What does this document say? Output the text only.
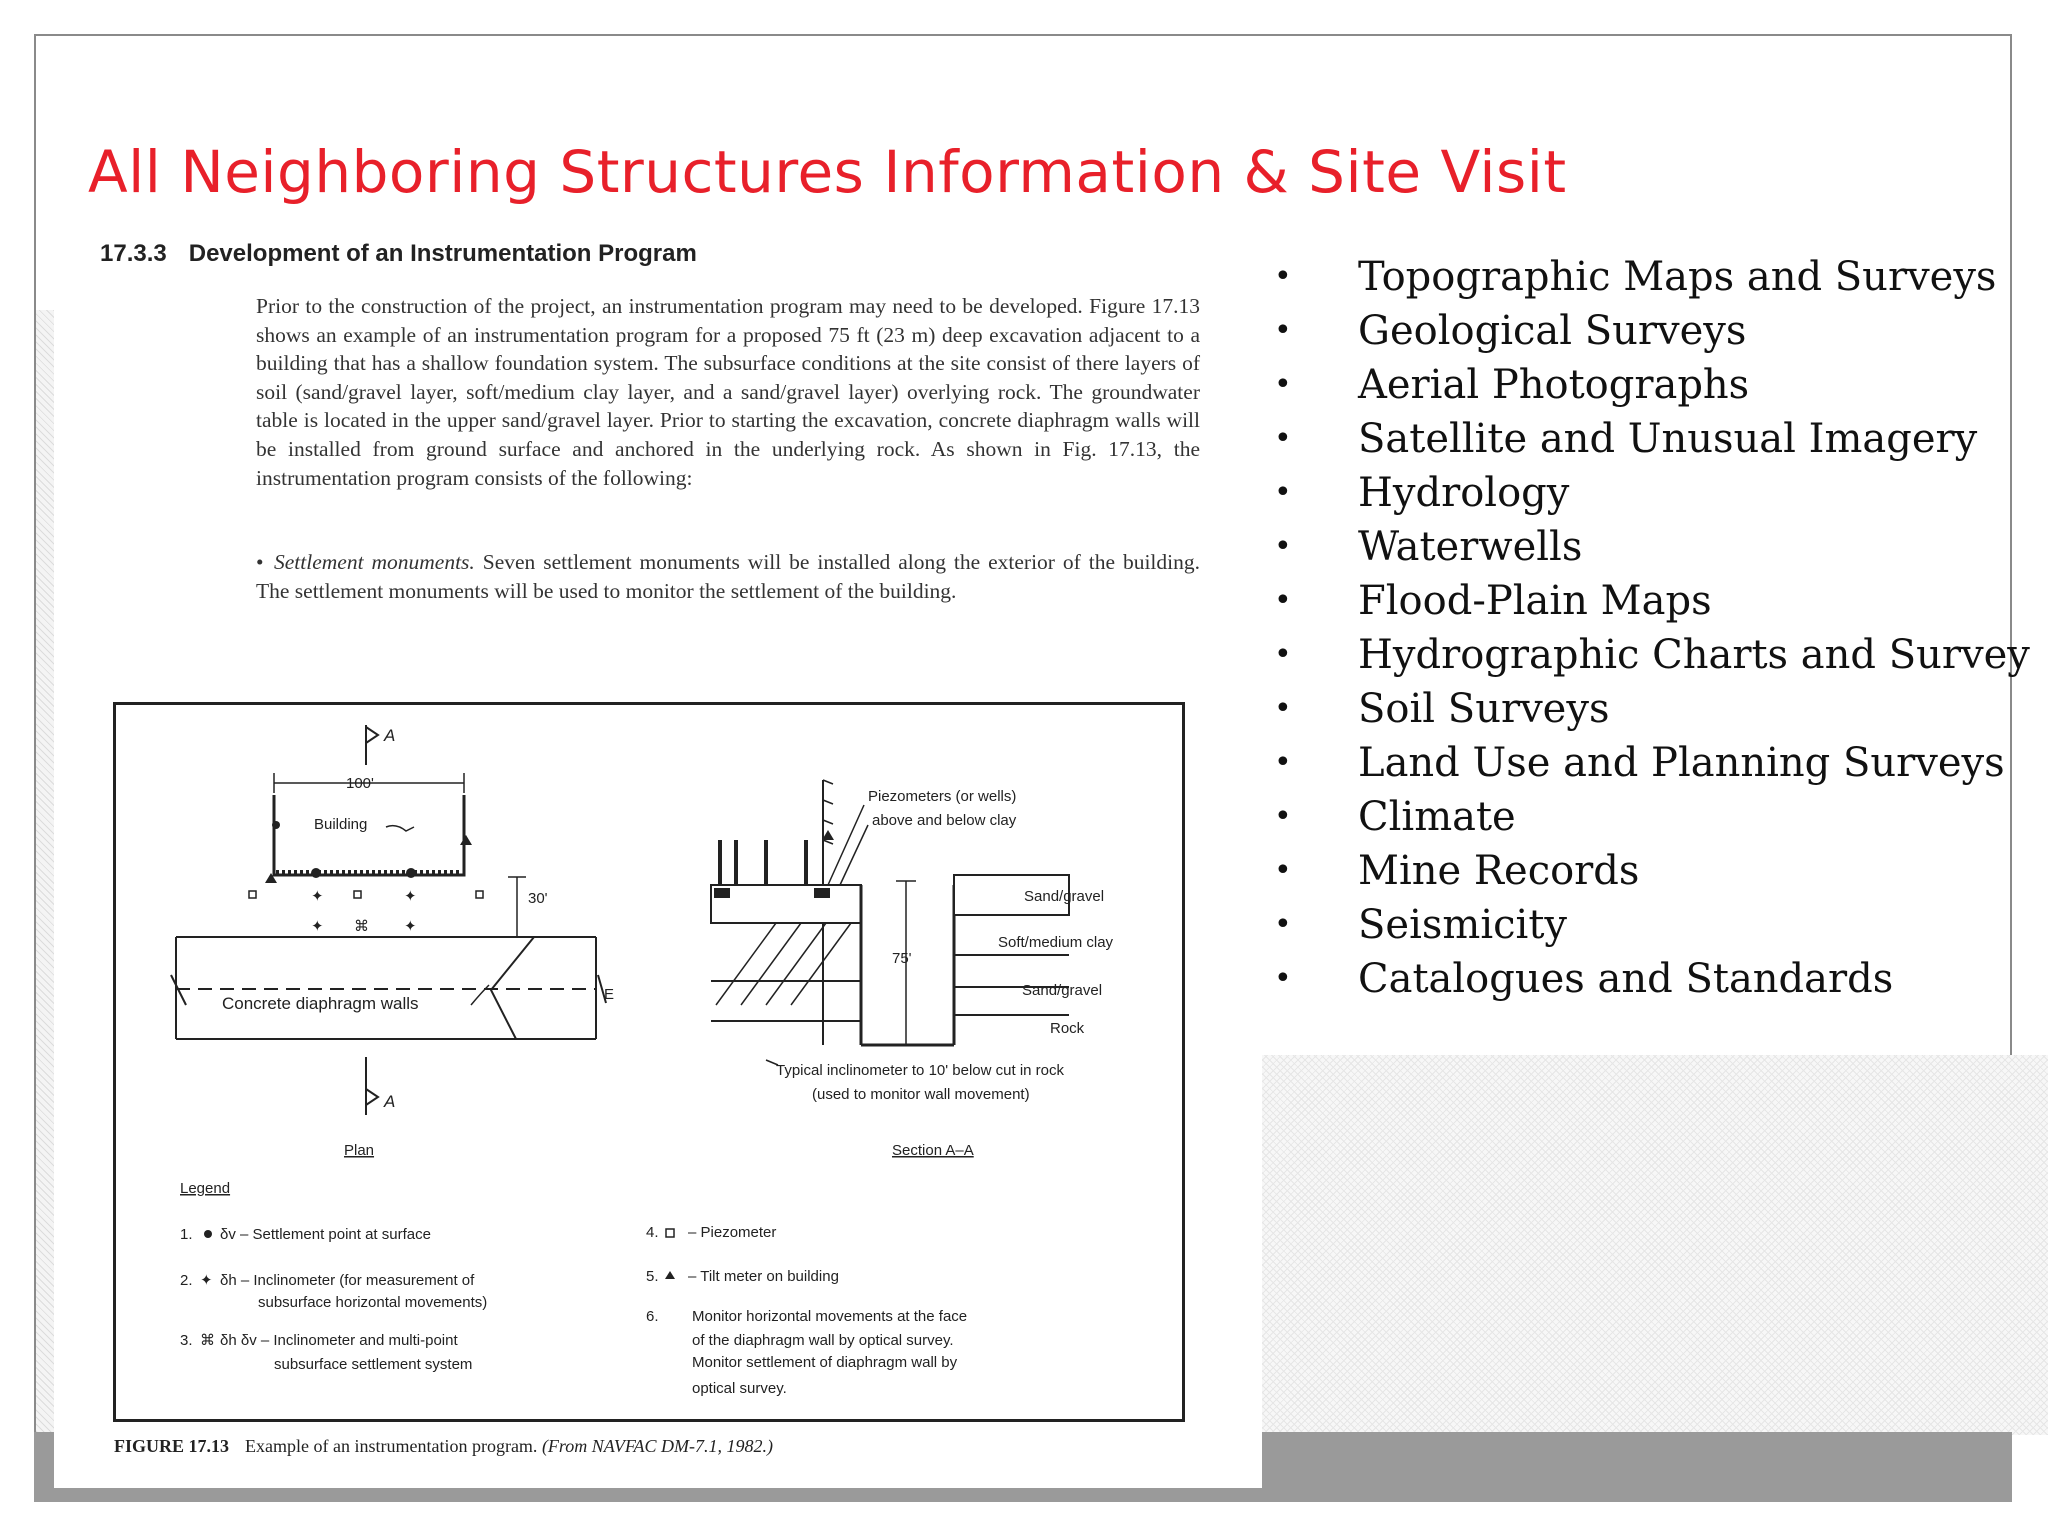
All Neighboring Structures Information & Site Visit
17.3.3 Development of an Instrumentation Program
Prior to the construction of the project, an instrumentation program may need to be developed. Figure 17.13 shows an example of an instrumentation program for a proposed 75 ft (23 m) deep excavation adjacent to a building that has a shallow foundation system. The subsurface conditions at the site consist of there layers of soil (sand/gravel layer, soft/medium clay layer, and a sand/gravel layer) overlying rock. The groundwater table is located in the upper sand/gravel layer. Prior to starting the excavation, concrete diaphragm walls will be installed from ground surface and anchored in the underlying rock. As shown in Fig. 17.13, the instrumentation program consists of the following:
• Settlement monuments. Seven settlement monuments will be installed along the exterior of the building. The settlement monuments will be used to monitor the settlement of the building.
A
100'
Building
✦	✦
✦ ⌘ ✦
30'
E
Concrete diaphragm walls
A
Plan
Piezometers (or wells)
above and below clay
75'
Sand/gravel
Soft/medium clay
Sand/gravel
Rock
Typical inclinometer to 10' below cut in rock
(used to monitor wall movement)
Section A–A
Legend
1. δv – Settlement point at surface
2. ✦ δh – Inclinometer (for measurement of
subsurface horizontal movements)
3. ⌘ δh δv – Inclinometer and multi-point
subsurface settlement system
4. – Piezometer
5. – Tilt meter on building
6. Monitor horizontal movements at the face
of the diaphragm wall by optical survey.
Monitor settlement of diaphragm wall by
optical survey.
FIGURE 17.13 Example of an instrumentation program. (From NAVFAC DM-7.1, 1982.)
• Topographic Maps and Surveys
• Geological Surveys
• Aerial Photographs
• Satellite and Unusual Imagery
• Hydrology
• Waterwells
• Flood-Plain Maps
• Hydrographic Charts and Survey
• Soil Surveys
• Land Use and Planning Surveys
• Climate
• Mine Records
• Seismicity
• Catalogues and Standards
